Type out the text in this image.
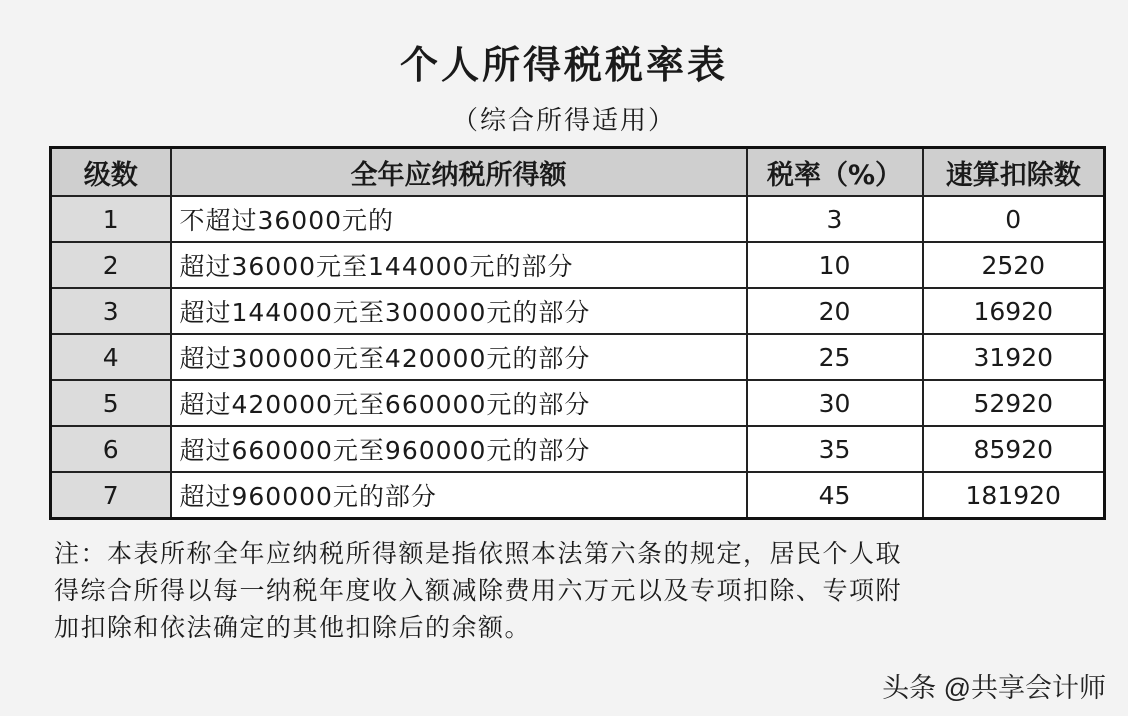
个人所得税税率表
（综合所得适用）
级数	全年应纳税所得额	税率（%）	速算扣除数
1	不超过36000元的	3	0
2	超过36000元至144000元的部分	10	2520
3	超过144000元至300000元的部分	20	16920
4	超过300000元至420000元的部分	25	31920
5	超过420000元至660000元的部分	30	52920
6	超过660000元至960000元的部分	35	85920
7	超过960000元的部分	45	181920
注：本表所称全年应纳税所得额是指依照本法第六条的规定，居民个人取
得综合所得以每一纳税年度收入额减除费用六万元以及专项扣除、专项附
加扣除和依法确定的其他扣除后的余额。
头条 @共享会计师
